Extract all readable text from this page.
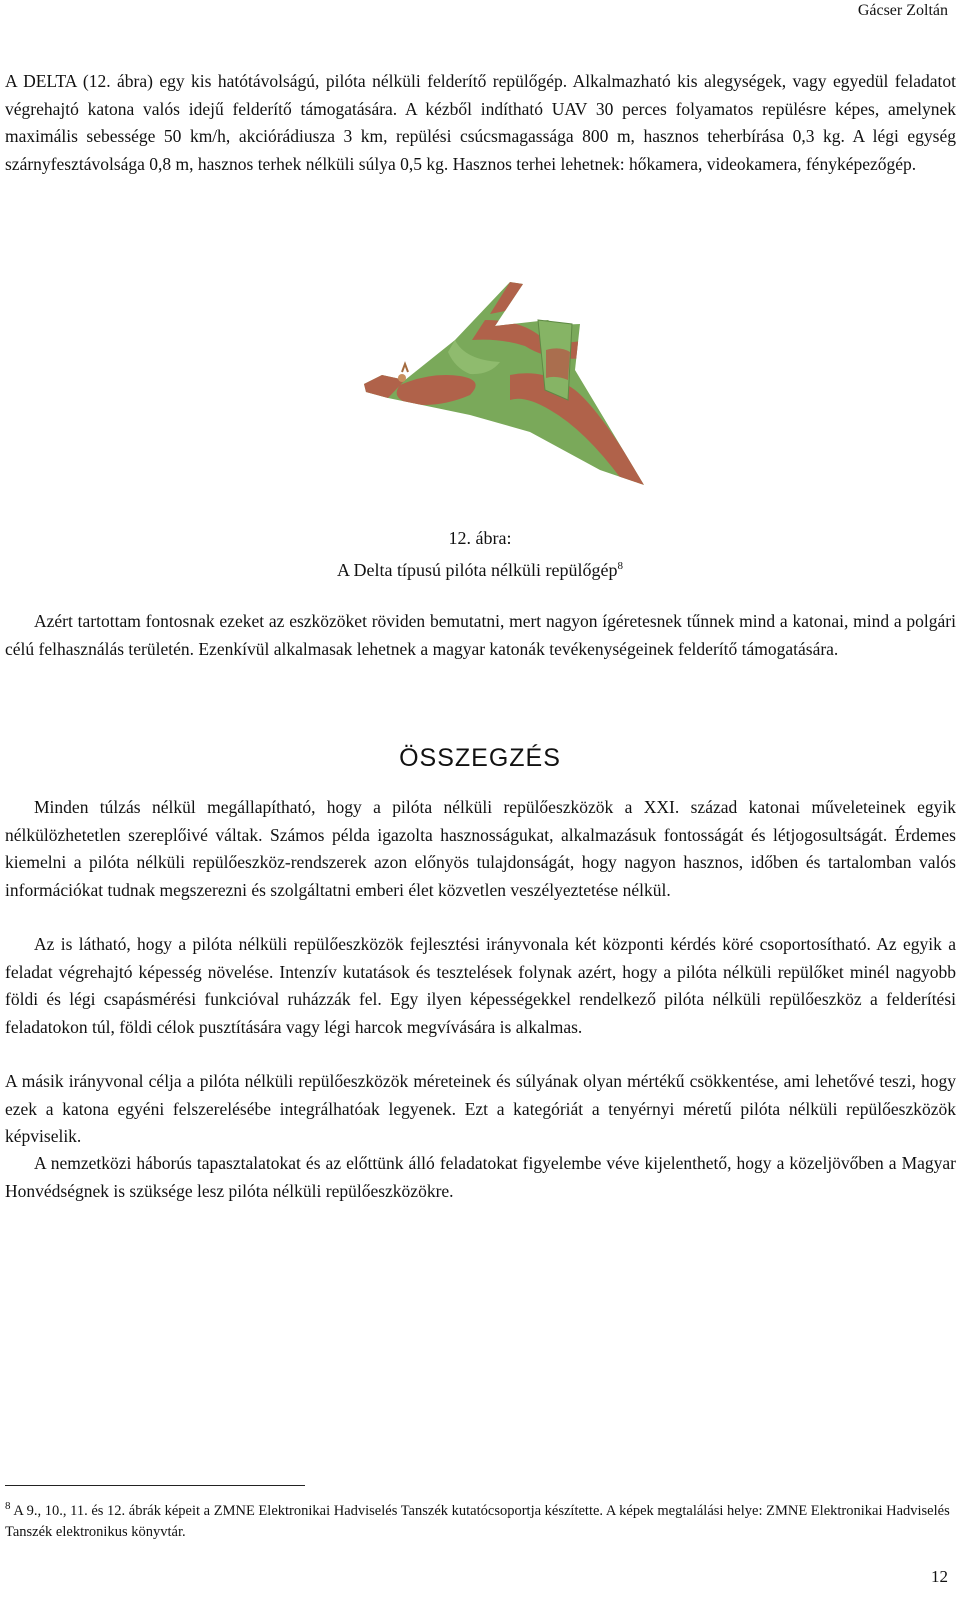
Gácser Zoltán

A DELTA (12. ábra) egy kis hatótávolságú, pilóta nélküli felderítő repülőgép. Alkalmazható kis alegységek, vagy egyedül feladatot végrehajtó katona valós idejű felderítő támogatására. A kézből indítható UAV 30 perces folyamatos repülésre képes, amelynek maximális sebessége 50 km/h, akciórádiusza 3 km, repülési csúcsmagassága 800 m, hasznos teherbírása 0,3 kg. A légi egység szárnyfesztávolsága 0,8 m, hasznos terhek nélküli súlya 0,5 kg. Hasznos terhei lehetnek: hőkamera, videokamera, fényképezőgép.

12. ábra:
A Delta típusú pilóta nélküli repülőgép$^8$

Azért tartottam fontosnak ezeket az eszközöket röviden bemutatni, mert nagyon ígéretesnek tűnnek mind a katonai, mind a polgári célú felhasználás területén. Ezenkívül alkalmasak lehetnek a magyar katonák tevékenységeinek felderítő támogatására.

ÖSSZEGZÉS

Minden túlzás nélkül megállapítható, hogy a pilóta nélküli repülőeszközök a XXI. század katonai műveleteinek egyik nélkülözhetetlen szereplőivé váltak. Számos példa igazolta hasznosságukat, alkalmazásuk fontosságát és létjogosultságát. Érdemes kiemelni a pilóta nélküli repülőeszköz-rendszerek azon előnyös tulajdonságát, hogy nagyon hasznos, időben és tartalomban valós információkat tudnak megszerezni és szolgáltatni emberi élet közvetlen veszélyeztetése nélkül.

Az is látható, hogy a pilóta nélküli repülőeszközök fejlesztési irányvonala két központi kérdés köré csoportosítható. Az egyik a feladat végrehajtó képesség növelése. Intenzív kutatások és tesztelések folynak azért, hogy a pilóta nélküli repülőket minél nagyobb földi és légi csapásmérési funkcióval ruházzák fel. Egy ilyen képességekkel rendelkező pilóta nélküli repülőeszköz a felderítési feladatokon túl, földi célok pusztítására vagy légi harcok megvívására is alkalmas.

A másik irányvonal célja a pilóta nélküli repülőeszközök méreteinek és súlyának olyan mértékű csökkentése, ami lehetővé teszi, hogy ezek a katona egyéni felszerelésébe integrálhatóak legyenek. Ezt a kategóriát a tenyérnyi méretű pilóta nélküli repülőeszközök képviselik.

A nemzetközi háborús tapasztalatokat és az előttünk álló feladatokat figyelembe véve kijelenthető, hogy a közeljövőben a Magyar Honvédségnek is szüksége lesz pilóta nélküli repülőeszközökre.

$^8$ A 9., 10., 11. és 12. ábrák képeit a ZMNE Elektronikai Hadviselés Tanszék kutatócsoportja készítette. A képek megtalálási helye: ZMNE Elektronikai Hadviselés Tanszék elektronikus könyvtár.
12
